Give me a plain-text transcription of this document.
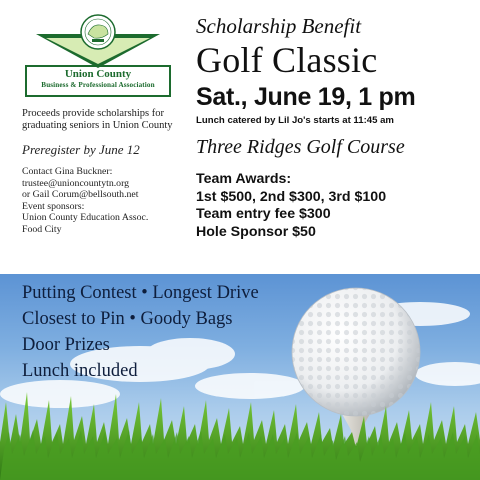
Union County
Business & Professional Association

Proceeds provide scholarships for graduating seniors in Union County

Preregister by June 12

Contact Gina Buckner:
trustee@unioncountytn.org
or Gail Corum@bellsouth.net
Event sponsors:
Union County Education Assoc.
Food City

Scholarship Benefit

Golf Classic

Sat., June 19, 1 pm

Lunch catered by Lil Jo's starts at 11:45 am

Three Ridges Golf Course

Team Awards:
1st $500, 2nd $300, 3rd $100
Team entry fee $300
Hole Sponsor $50
Putting Contest • Longest Drive
Closest to Pin • Goody Bags
Door Prizes
Lunch included
